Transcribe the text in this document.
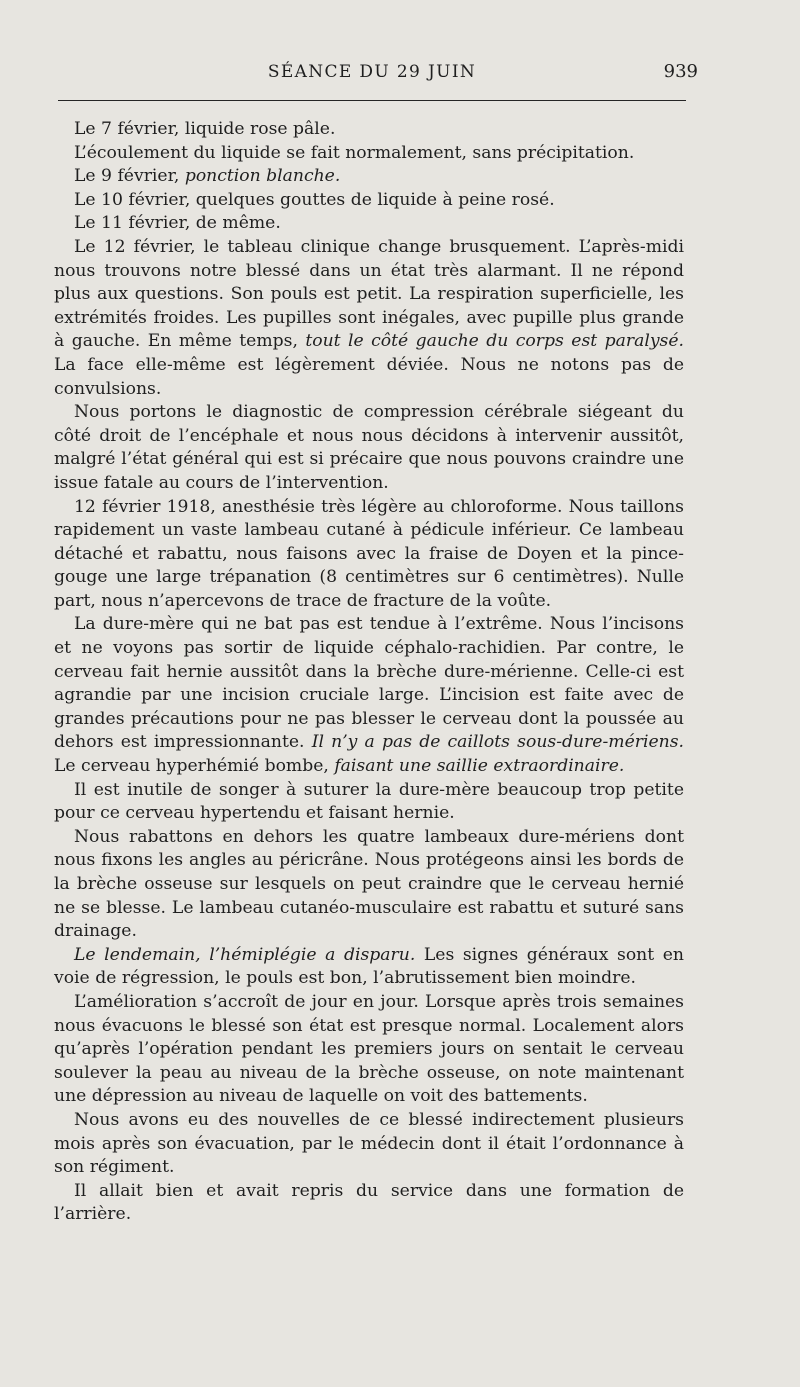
SÉANCE DU 29 JUIN	939

Le 7 février, liquide rose pâle.

L’écoulement du liquide se fait normalement, sans précipitation.

Le 9 février, ponction blanche.

Le 10 février, quelques gouttes de liquide à peine rosé.

Le 11 février, de même.

Le 12 février, le tableau clinique change brusquement. L’après-midi nous trouvons notre blessé dans un état très alarmant. Il ne répond plus aux questions. Son pouls est petit. La respiration superficielle, les extrémités froides. Les pupilles sont inégales, avec pupille plus grande à gauche. En même temps, tout le côté gauche du corps est paralysé. La face elle-même est légèrement déviée. Nous ne notons pas de convulsions.

Nous portons le diagnostic de compression cérébrale siégeant du côté droit de l’encéphale et nous nous décidons à intervenir aussitôt, malgré l’état général qui est si précaire que nous pouvons craindre une issue fatale au cours de l’intervention.

12 février 1918, anesthésie très légère au chloroforme. Nous taillons rapidement un vaste lambeau cutané à pédicule inférieur. Ce lambeau détaché et rabattu, nous faisons avec la fraise de Doyen et la pince-gouge une large trépanation (8 centimètres sur 6 centimètres). Nulle part, nous n’apercevons de trace de fracture de la voûte.

La dure-mère qui ne bat pas est tendue à l’extrême. Nous l’incisons et ne voyons pas sortir de liquide céphalo-rachidien. Par contre, le cerveau fait hernie aussitôt dans la brèche dure-mérienne. Celle-ci est agrandie par une incision cruciale large. L’incision est faite avec de grandes précautions pour ne pas blesser le cerveau dont la poussée au dehors est impressionnante. Il n’y a pas de caillots sous-dure-mériens. Le cerveau hyperhémié bombe, faisant une saillie extraordinaire.

Il est inutile de songer à suturer la dure-mère beaucoup trop petite pour ce cerveau hypertendu et faisant hernie.

Nous rabattons en dehors les quatre lambeaux dure-mériens dont nous fixons les angles au péricrâne. Nous protégeons ainsi les bords de la brèche osseuse sur lesquels on peut craindre que le cerveau hernié ne se blesse. Le lambeau cutanéo-musculaire est rabattu et suturé sans drainage.

Le lendemain, l’hémiplégie a disparu. Les signes généraux sont en voie de régression, le pouls est bon, l’abrutissement bien moindre.

L’amélioration s’accroît de jour en jour. Lorsque après trois semaines nous évacuons le blessé son état est presque normal. Localement alors qu’après l’opération pendant les premiers jours on sentait le cerveau soulever la peau au niveau de la brèche osseuse, on note maintenant une dépression au niveau de laquelle on voit des battements.

Nous avons eu des nouvelles de ce blessé indirectement plusieurs mois après son évacuation, par le médecin dont il était l’ordonnance à son régiment.

Il allait bien et avait repris du service dans une formation de l’arrière.
